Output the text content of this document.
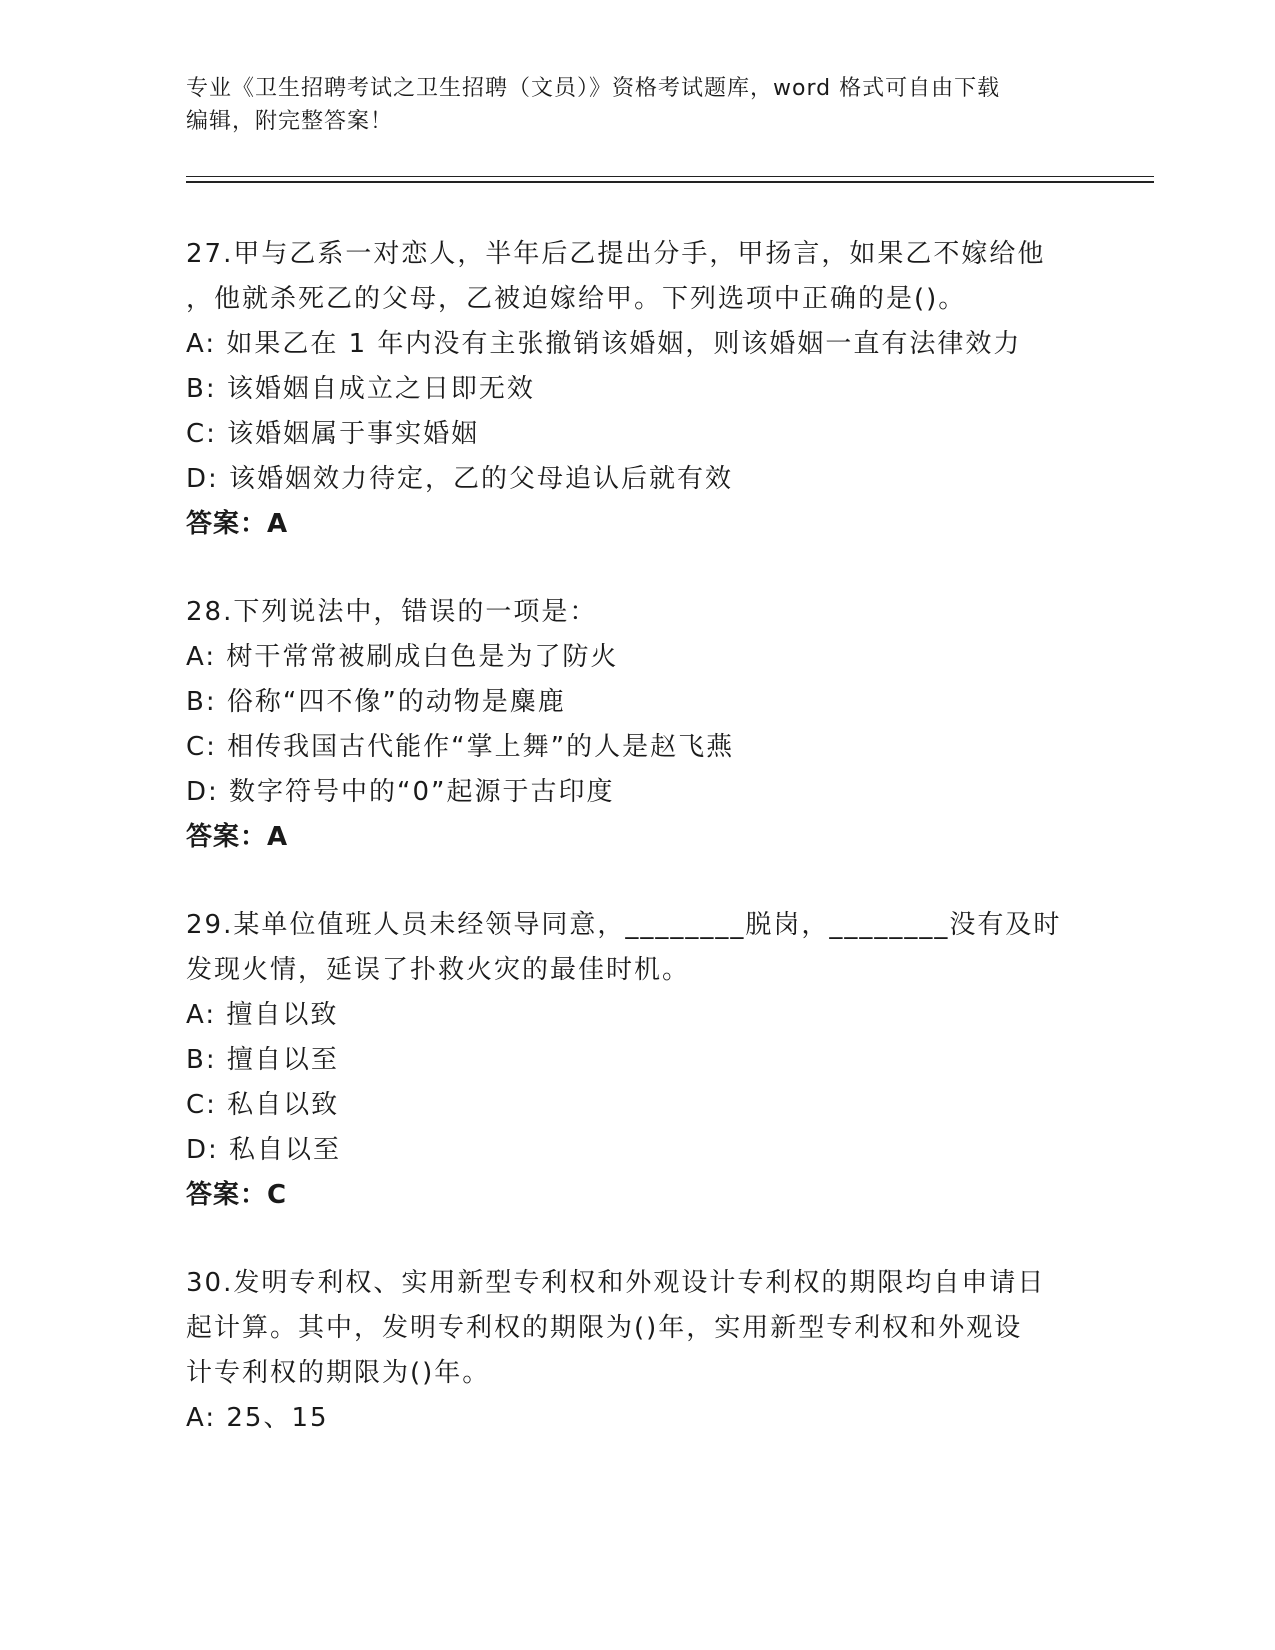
专业《卫生招聘考试之卫生招聘（文员）》资格考试题库，word 格式可自由下载
编辑，附完整答案！

27.甲与乙系一对恋人，半年后乙提出分手，甲扬言，如果乙不嫁给他
，他就杀死乙的父母，乙被迫嫁给甲。下列选项中正确的是()。

A: 如果乙在 1 年内没有主张撤销该婚姻，则该婚姻一直有法律效力

B: 该婚姻自成立之日即无效

C: 该婚姻属于事实婚姻

D: 该婚姻效力待定，乙的父母追认后就有效

答案：A

28.下列说法中，错误的一项是：

A: 树干常常被刷成白色是为了防火

B: 俗称“四不像”的动物是麋鹿

C: 相传我国古代能作“掌上舞”的人是赵飞燕

D: 数字符号中的“0”起源于古印度

答案：A

29.某单位值班人员未经领导同意，________脱岗，________没有及时
发现火情，延误了扑救火灾的最佳时机。

A: 擅自以致

B: 擅自以至

C: 私自以致

D: 私自以至

答案：C

30.发明专利权、实用新型专利权和外观设计专利权的期限均自申请日
起计算。其中，发明专利权的期限为()年，实用新型专利权和外观设
计专利权的期限为()年。

A: 25、15
